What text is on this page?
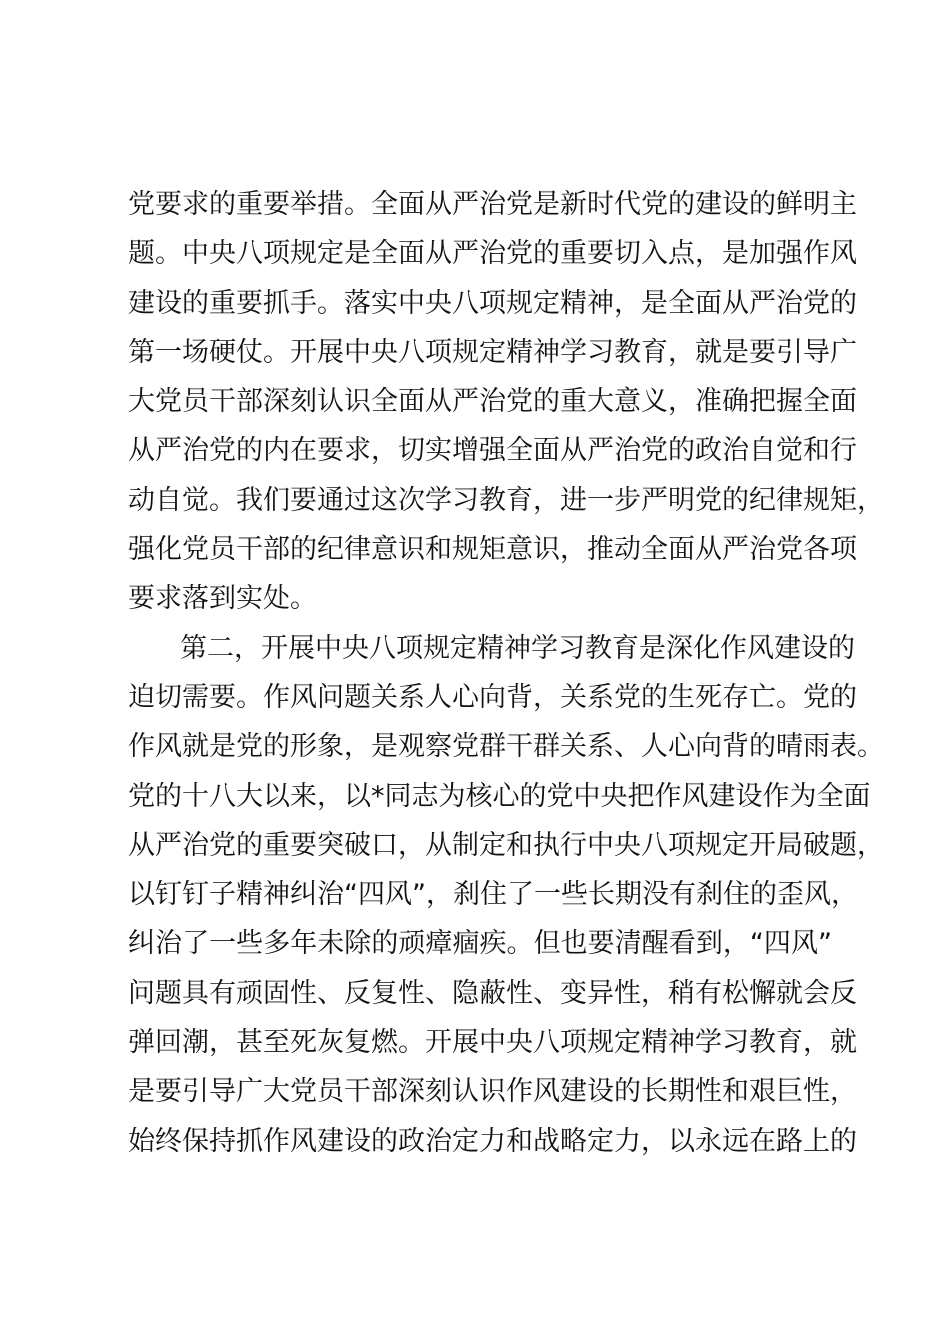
党要求的重要举措。全面从严治党是新时代党的建设的鲜明主
题。中央八项规定是全面从严治党的重要切入点，是加强作风
建设的重要抓手。落实中央八项规定精神，是全面从严治党的
第一场硬仗。开展中央八项规定精神学习教育，就是要引导广
大党员干部深刻认识全面从严治党的重大意义，准确把握全面
从严治党的内在要求，切实增强全面从严治党的政治自觉和行
动自觉。我们要通过这次学习教育，进一步严明党的纪律规矩，
强化党员干部的纪律意识和规矩意识，推动全面从严治党各项
要求落到实处。
第二，开展中央八项规定精神学习教育是深化作风建设的
迫切需要。作风问题关系人心向背，关系党的生死存亡。党的
作风就是党的形象，是观察党群干群关系、人心向背的晴雨表。
党的十八大以来，以*同志为核心的党中央把作风建设作为全面
从严治党的重要突破口，从制定和执行中央八项规定开局破题，
以钉钉子精神纠治“四风”，刹住了一些长期没有刹住的歪风，
纠治了一些多年未除的顽瘴痼疾。但也要清醒看到，“四风”
问题具有顽固性、反复性、隐蔽性、变异性，稍有松懈就会反
弹回潮，甚至死灰复燃。开展中央八项规定精神学习教育，就
是要引导广大党员干部深刻认识作风建设的长期性和艰巨性，
始终保持抓作风建设的政治定力和战略定力，以永远在路上的
